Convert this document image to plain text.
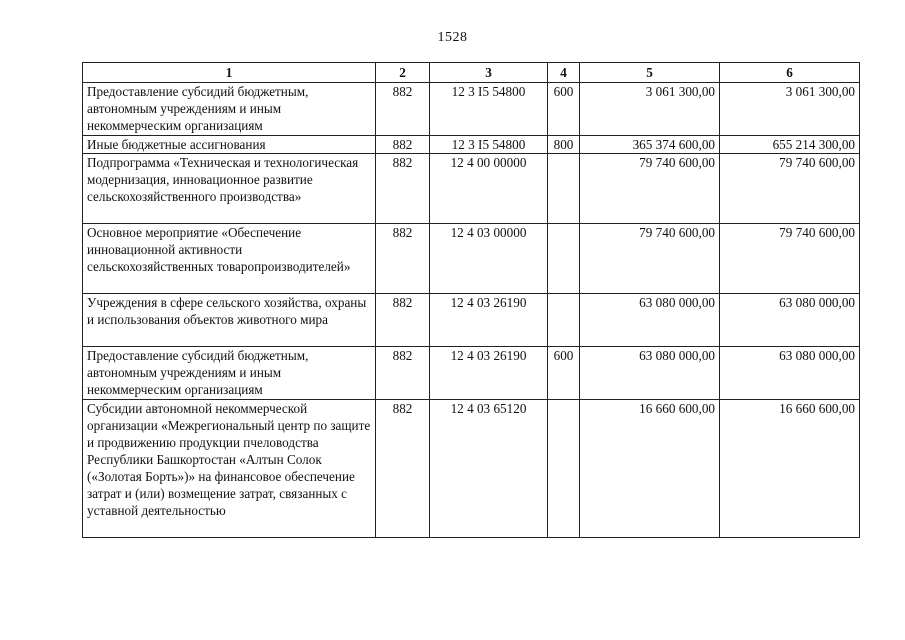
1528
1	2	3	4	5	6
Предоставление субсидий бюджетным, автономным учреждениям и иным некоммерческим организациям	882	12 3 I5 54800	600	3 061 300,00	3 061 300,00
Иные бюджетные ассигнования	882	12 3 I5 54800	800	365 374 600,00	655 214 300,00
Подпрограмма «Техническая и технологическая модернизация, инновационное развитие сельскохозяйственного производства»	882	12 4 00 00000		79 740 600,00	79 740 600,00
Основное мероприятие «Обеспечение инновационной активности сельскохозяйственных товаропроизводителей»	882	12 4 03 00000		79 740 600,00	79 740 600,00
Учреждения в сфере сельского хозяйства, охраны и использования объектов животного мира	882	12 4 03 26190		63 080 000,00	63 080 000,00
Предоставление субсидий бюджетным, автономным учреждениям и иным некоммерческим организациям	882	12 4 03 26190	600	63 080 000,00	63 080 000,00
Субсидии автономной некоммерческой организации «Межрегиональный центр по защите и продвижению продукции пчеловодства Республики Башкортостан «Алтын Солок («Золотая Борть»)» на финансовое обеспечение затрат и (или) возмещение затрат, связанных с уставной деятельностью	882	12 4 03 65120		16 660 600,00	16 660 600,00
